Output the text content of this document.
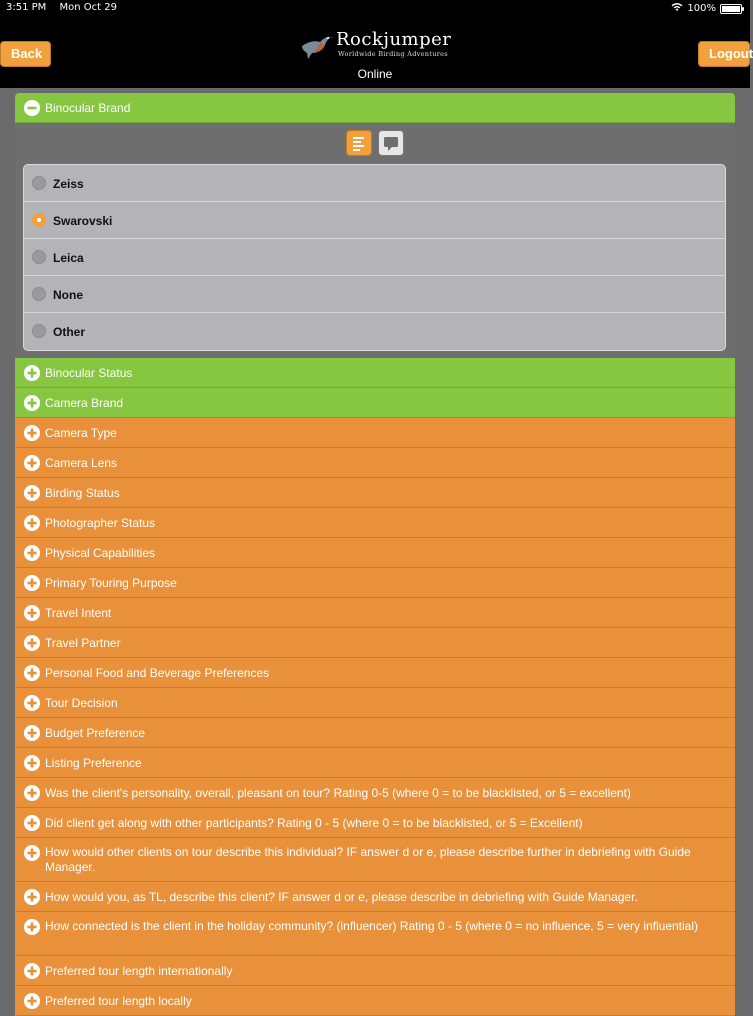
3:51 PM Mon Oct 29	100%
Back
Rockjumper
Worldwide Birding Adventures
Online
Logout
Binocular Brand
Zeiss
Swarovski
Leica
None
Other
Binocular Status
Camera Brand
Camera Type
Camera Lens
Birding Status
Photographer Status
Physical Capabilities
Primary Touring Purpose
Travel Intent
Travel Partner
Personal Food and Beverage Preferences
Tour Decision
Budget Preference
Listing Preference
Was the client's personality, overall, pleasant on tour? Rating 0-5 (where 0 = to be blacklisted, or 5 = excellent)
Did client get along with other participants? Rating 0 - 5 (where 0 = to be blacklisted, or 5 = Excellent)
How would other clients on tour describe this individual? IF answer d or e, please describe further in debriefing with Guide Manager.
How would you, as TL, describe this client? IF answer d or e, please describe in debriefing with Guide Manager.
How connected is the client in the holiday community? (influencer) Rating 0 - 5 (where 0 = no influence, 5 = very influential)
Preferred tour length internationally
Preferred tour length locally
